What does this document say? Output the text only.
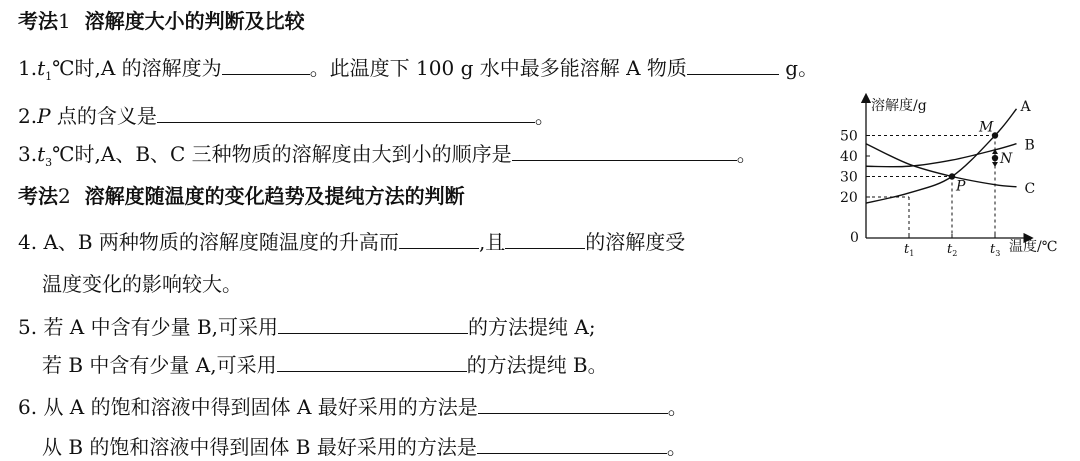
考法1 溶解度大小的判断及比较
$1.t_1℃$时,A 的溶解度为	。此温度下 100 g 水中最多能溶解 A 物质	g。
2.P 点的含义是	。
$3.t_3℃$时,A、B、C 三种物质的溶解度由大到小的顺序是	。
考法2 溶解度随温度的变化趋势及提纯方法的判断
4. A、B 两种物质的溶解度随温度的升高而	,且	的溶解度受
温度变化的影响较大。
5. 若 A 中含有少量 B,可采用	的方法提纯 A;
若 B 中含有少量 A,可采用	的方法提纯 B。
6. 从 A 的饱和溶液中得到固体 A 最好采用的方法是	。
从 B 的饱和溶液中得到固体 B 最好采用的方法是	。
溶解度/g
温度/℃
0
20
30
40
50
$t_1$	$t_2$	$t_3$
A
B
C
M
N
P
